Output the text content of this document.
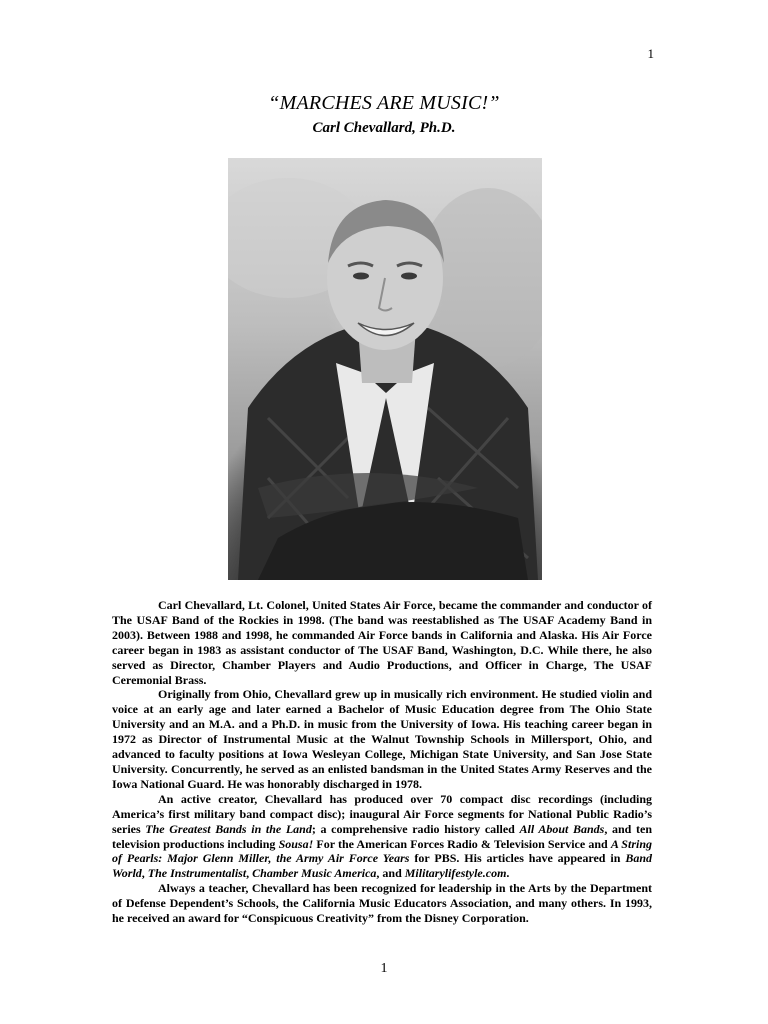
1
“MARCHES ARE MUSIC!”
Carl Chevallard, Ph.D.

Carl Chevallard, Lt. Colonel, United States Air Force, became the commander and conductor of The USAF Band of the Rockies in 1998. (The band was reestablished as The USAF Academy Band in 2003). Between 1988 and 1998, he commanded Air Force bands in California and Alaska. His Air Force career began in 1983 as assistant conductor of The USAF Band, Washington, D.C. While there, he also served as Director, Chamber Players and Audio Productions, and Officer in Charge, The USAF Ceremonial Brass.

Originally from Ohio, Chevallard grew up in musically rich environment. He studied violin and voice at an early age and later earned a Bachelor of Music Education degree from The Ohio State University and an M.A. and a Ph.D. in music from the University of Iowa. His teaching career began in 1972 as Director of Instrumental Music at the Walnut Township Schools in Millersport, Ohio, and advanced to faculty positions at Iowa Wesleyan College, Michigan State University, and San Jose State University. Concurrently, he served as an enlisted bandsman in the United States Army Reserves and the Iowa National Guard. He was honorably discharged in 1978.

An active creator, Chevallard has produced over 70 compact disc recordings (including America’s first military band compact disc); inaugural Air Force segments for National Public Radio’s series The Greatest Bands in the Land; a comprehensive radio history called All About Bands, and ten television productions including Sousa! For the American Forces Radio & Television Service and A String of Pearls: Major Glenn Miller, the Army Air Force Years for PBS. His articles have appeared in Band World, The Instrumentalist, Chamber Music America, and Militarylifestyle.com.

Always a teacher, Chevallard has been recognized for leadership in the Arts by the Department of Defense Dependent’s Schools, the California Music Educators Association, and many others. In 1993, he received an award for “Conspicuous Creativity” from the Disney Corporation.

1
